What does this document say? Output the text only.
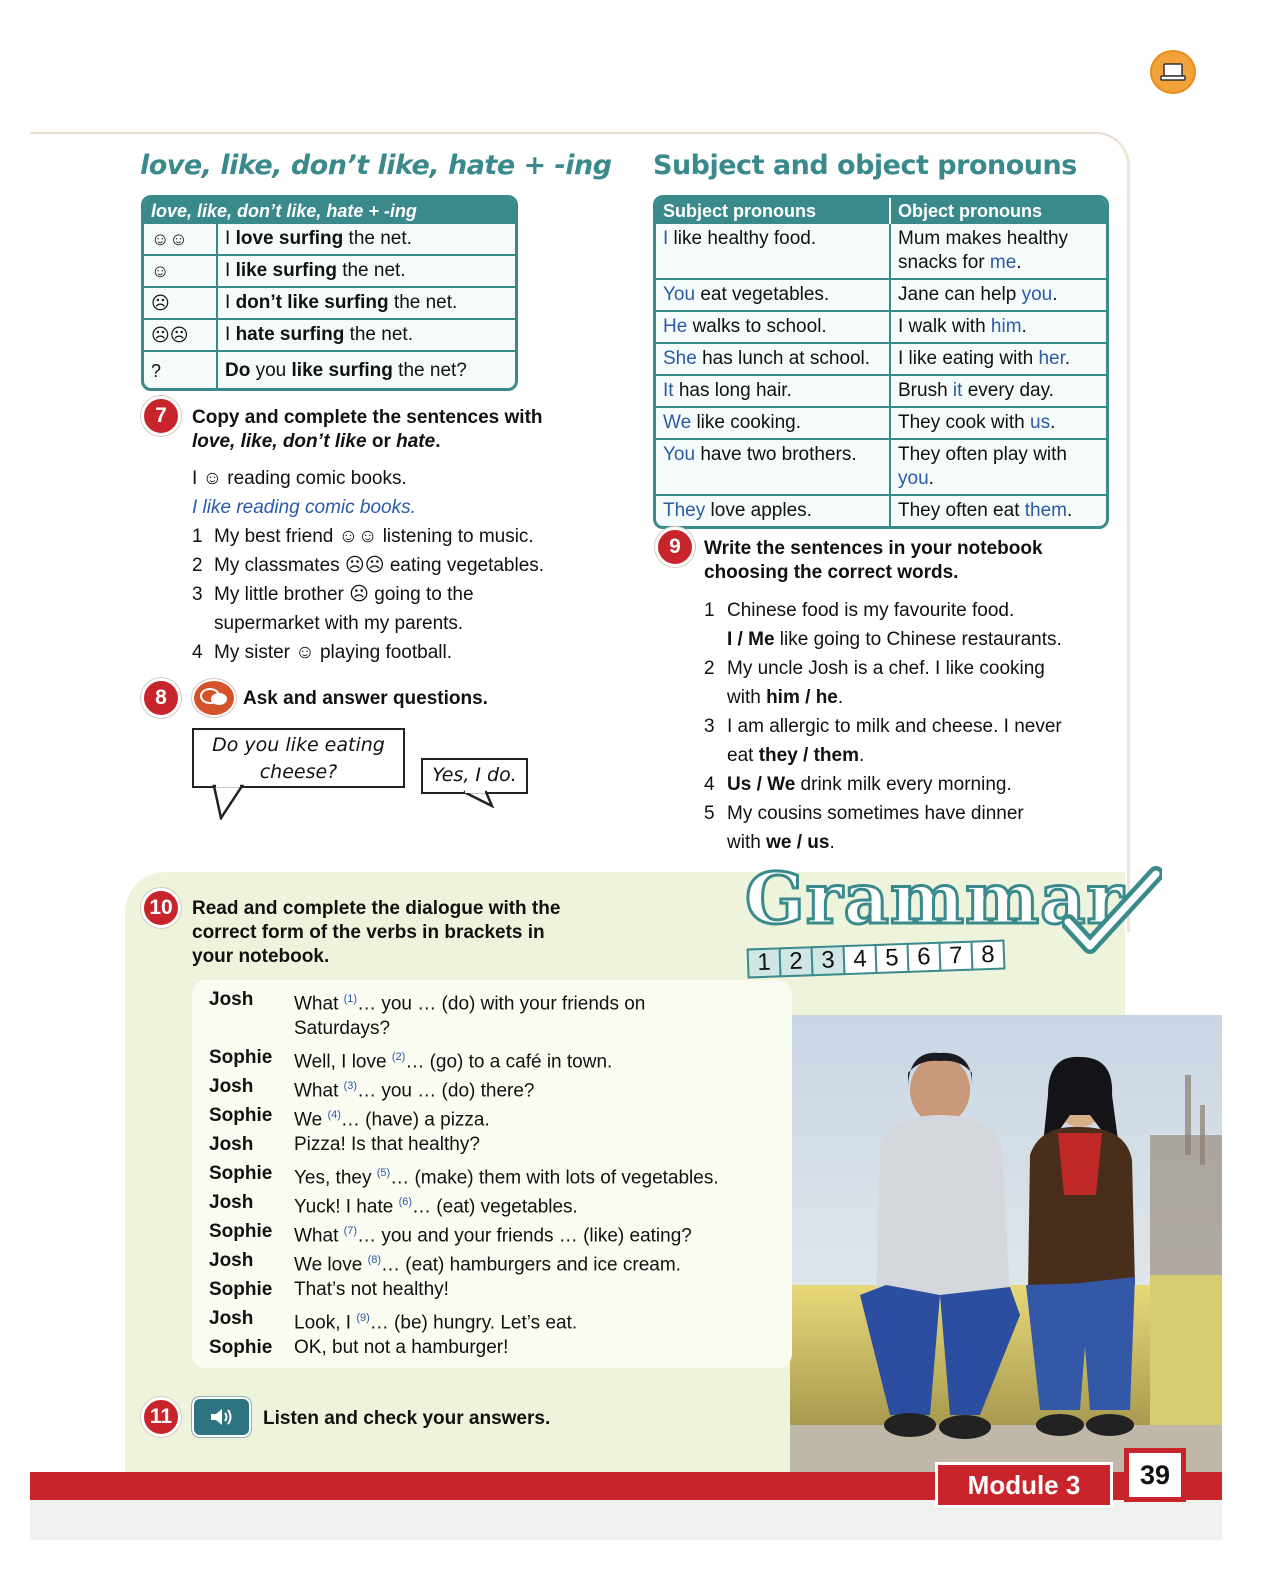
love, like, don’t like, hate + -ing
love, like, don’t like, hate + -ing	
☺☺	I love surfing the net.
☺	I like surfing the net.
☹	I don’t like surfing the net.
☹☹	I hate surfing the net.
?	Do you like surfing the net?
7	Copy and complete the sentences with
love, like, don’t like or hate.
I ☺ reading comic books.
I like reading comic books.
1 My best friend ☺☺ listening to music.
2 My classmates ☹☹ eating vegetables.
3 My little brother ☹ going to the
supermarket with my parents.
4 My sister ☺ playing football.
8	Ask and answer questions.
Do you like eating
cheese?	Yes, I do.
Subject and object pronouns
Subject pronouns	Object pronouns
I like healthy food.	Mum makes healthy snacks for me.
You eat vegetables.	Jane can help you.
He walks to school.	I walk with him.
She has lunch at school.	I like eating with her.
It has long hair.	Brush it every day.
We like cooking.	They cook with us.
You have two brothers.	They often play with you.
They love apples.	They often eat them.
9	Write the sentences in your notebook
choosing the correct words.
1 Chinese food is my favourite food.
I / Me like going to Chinese restaurants.
2 My uncle Josh is a chef. I like cooking
with him / he.
3 I am allergic to milk and cheese. I never
eat they / them.
4 Us / We drink milk every morning.
5 My cousins sometimes have dinner
with we / us.
Grammar
1 2 3 4 5 6 7 8
10	Read and complete the dialogue with the
correct form of the verbs in brackets in
your notebook.
Josh	What $^{(1)}$… you … (do) with your friends on
Saturdays?
Sophie	Well, I love $^{(2)}$… (go) to a café in town.
Josh	What $^{(3)}$… you … (do) there?
Sophie	We $^{(4)}$… (have) a pizza.
Josh	Pizza! Is that healthy?
Sophie	Yes, they $^{(5)}$… (make) them with lots of vegetables.
Josh	Yuck! I hate $^{(6)}$… (eat) vegetables.
Sophie	What $^{(7)}$… you and your friends … (like) eating?
Josh	We love $^{(8)}$… (eat) hamburgers and ice cream.
Sophie	That’s not healthy!
Josh	Look, I $^{(9)}$… (be) hungry. Let’s eat.
Sophie	OK, but not a hamburger!
11	Listen and check your answers.
Module 3	39
